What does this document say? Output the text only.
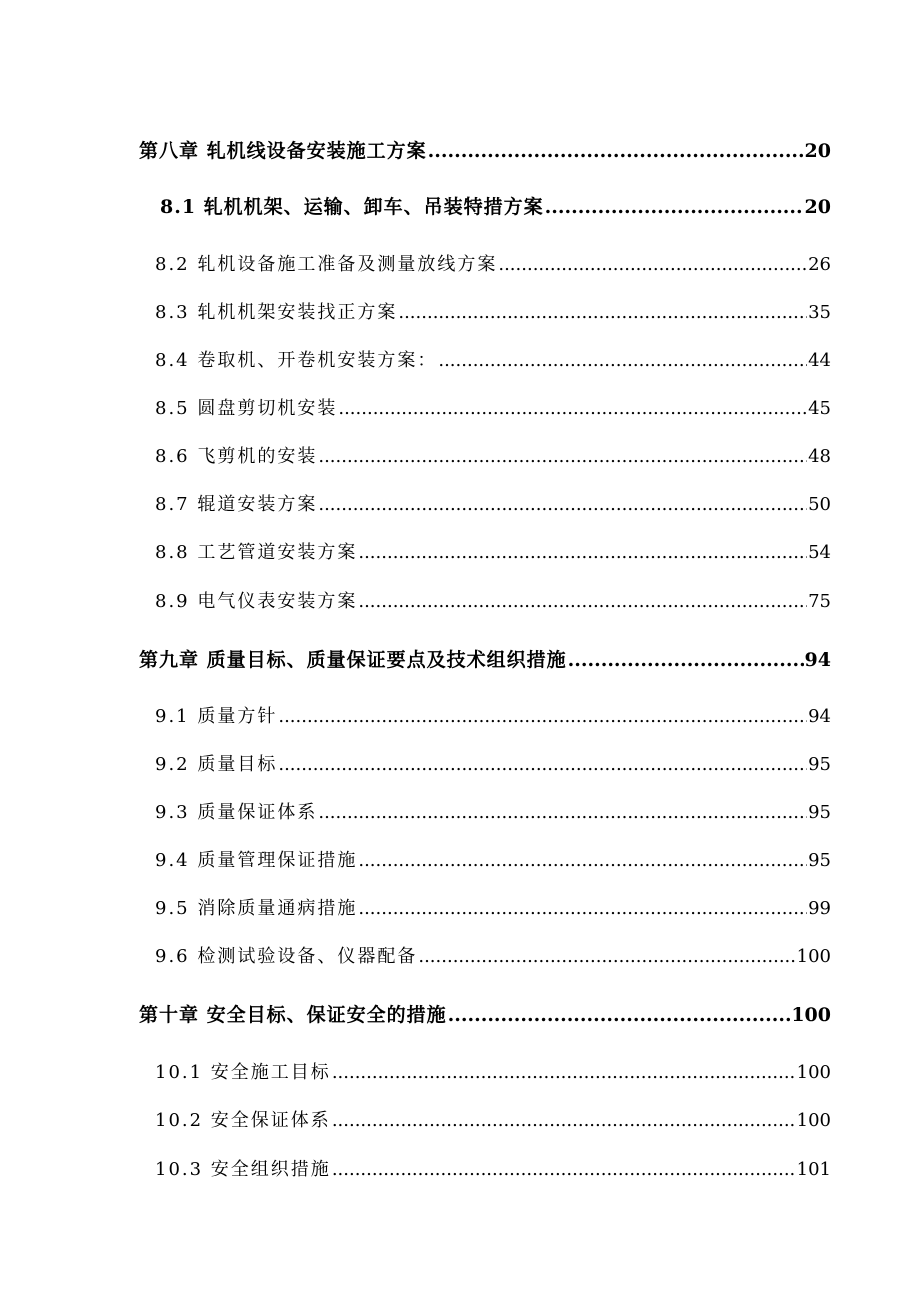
第八章 轧机线设备安装施工方案 .....	20
8.1 轧机机架、运输、卸车、吊装特措方案 .....	20
8.2 轧机设备施工准备及测量放线方案 .....	26
8.3 轧机机架安装找正方案 .....	35
8.4 卷取机、开卷机安装方案： .....	44
8.5 圆盘剪切机安装 .....	45
8.6 飞剪机的安装 .....	48
8.7 辊道安装方案 .....	50
8.8 工艺管道安装方案 .....	54
8.9 电气仪表安装方案 .....	75
第九章 质量目标、质量保证要点及技术组织措施 .....	94
9.1 质量方针 .....	94
9.2 质量目标 .....	95
9.3 质量保证体系 .....	95
9.4 质量管理保证措施 .....	95
9.5 消除质量通病措施 .....	99
9.6 检测试验设备、仪器配备 .....	100
第十章 安全目标、保证安全的措施 .....	100
10.1 安全施工目标 .....	100
10.2 安全保证体系 .....	100
10.3 安全组织措施 .....	101
